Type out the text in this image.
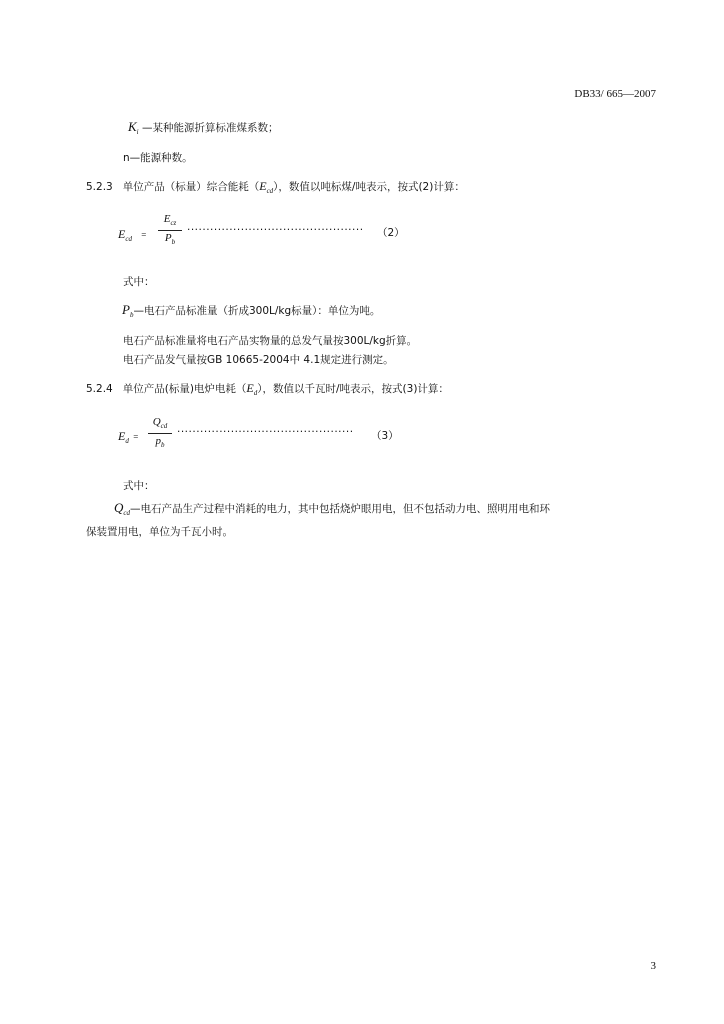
DB33/ 665—2007
$K_i$ —某种能源折算标准煤系数；
n—能源种数。
5.2.3 单位产品（标量）综合能耗$(E_{cd})$，数值以吨标煤/吨表示，按式(2)计算：
$E_{cd}$ =
$E_{cz}$
$P_b$
·············································· （2）
式中：
$P_b—$电石产品标准量（折成300L/kg标量）：单位为吨。
电石产品标准量将电石产品实物量的总发气量按300L/kg折算。
电石产品发气量按GB 10665-2004中 4.1规定进行测定。
5.2.4 单位产品(标量)电炉电耗$(E_d)$，数值以千瓦时/吨表示，按式(3)计算：
$E_d$ =
$Q_{cd}$
$p_b$
·············································· （3）
式中：
$Q_{cd}—$电石产品生产过程中消耗的电力，其中包括烧炉眼用电，但不包括动力电、照明用电和环
保装置用电，单位为千瓦小时。
3
